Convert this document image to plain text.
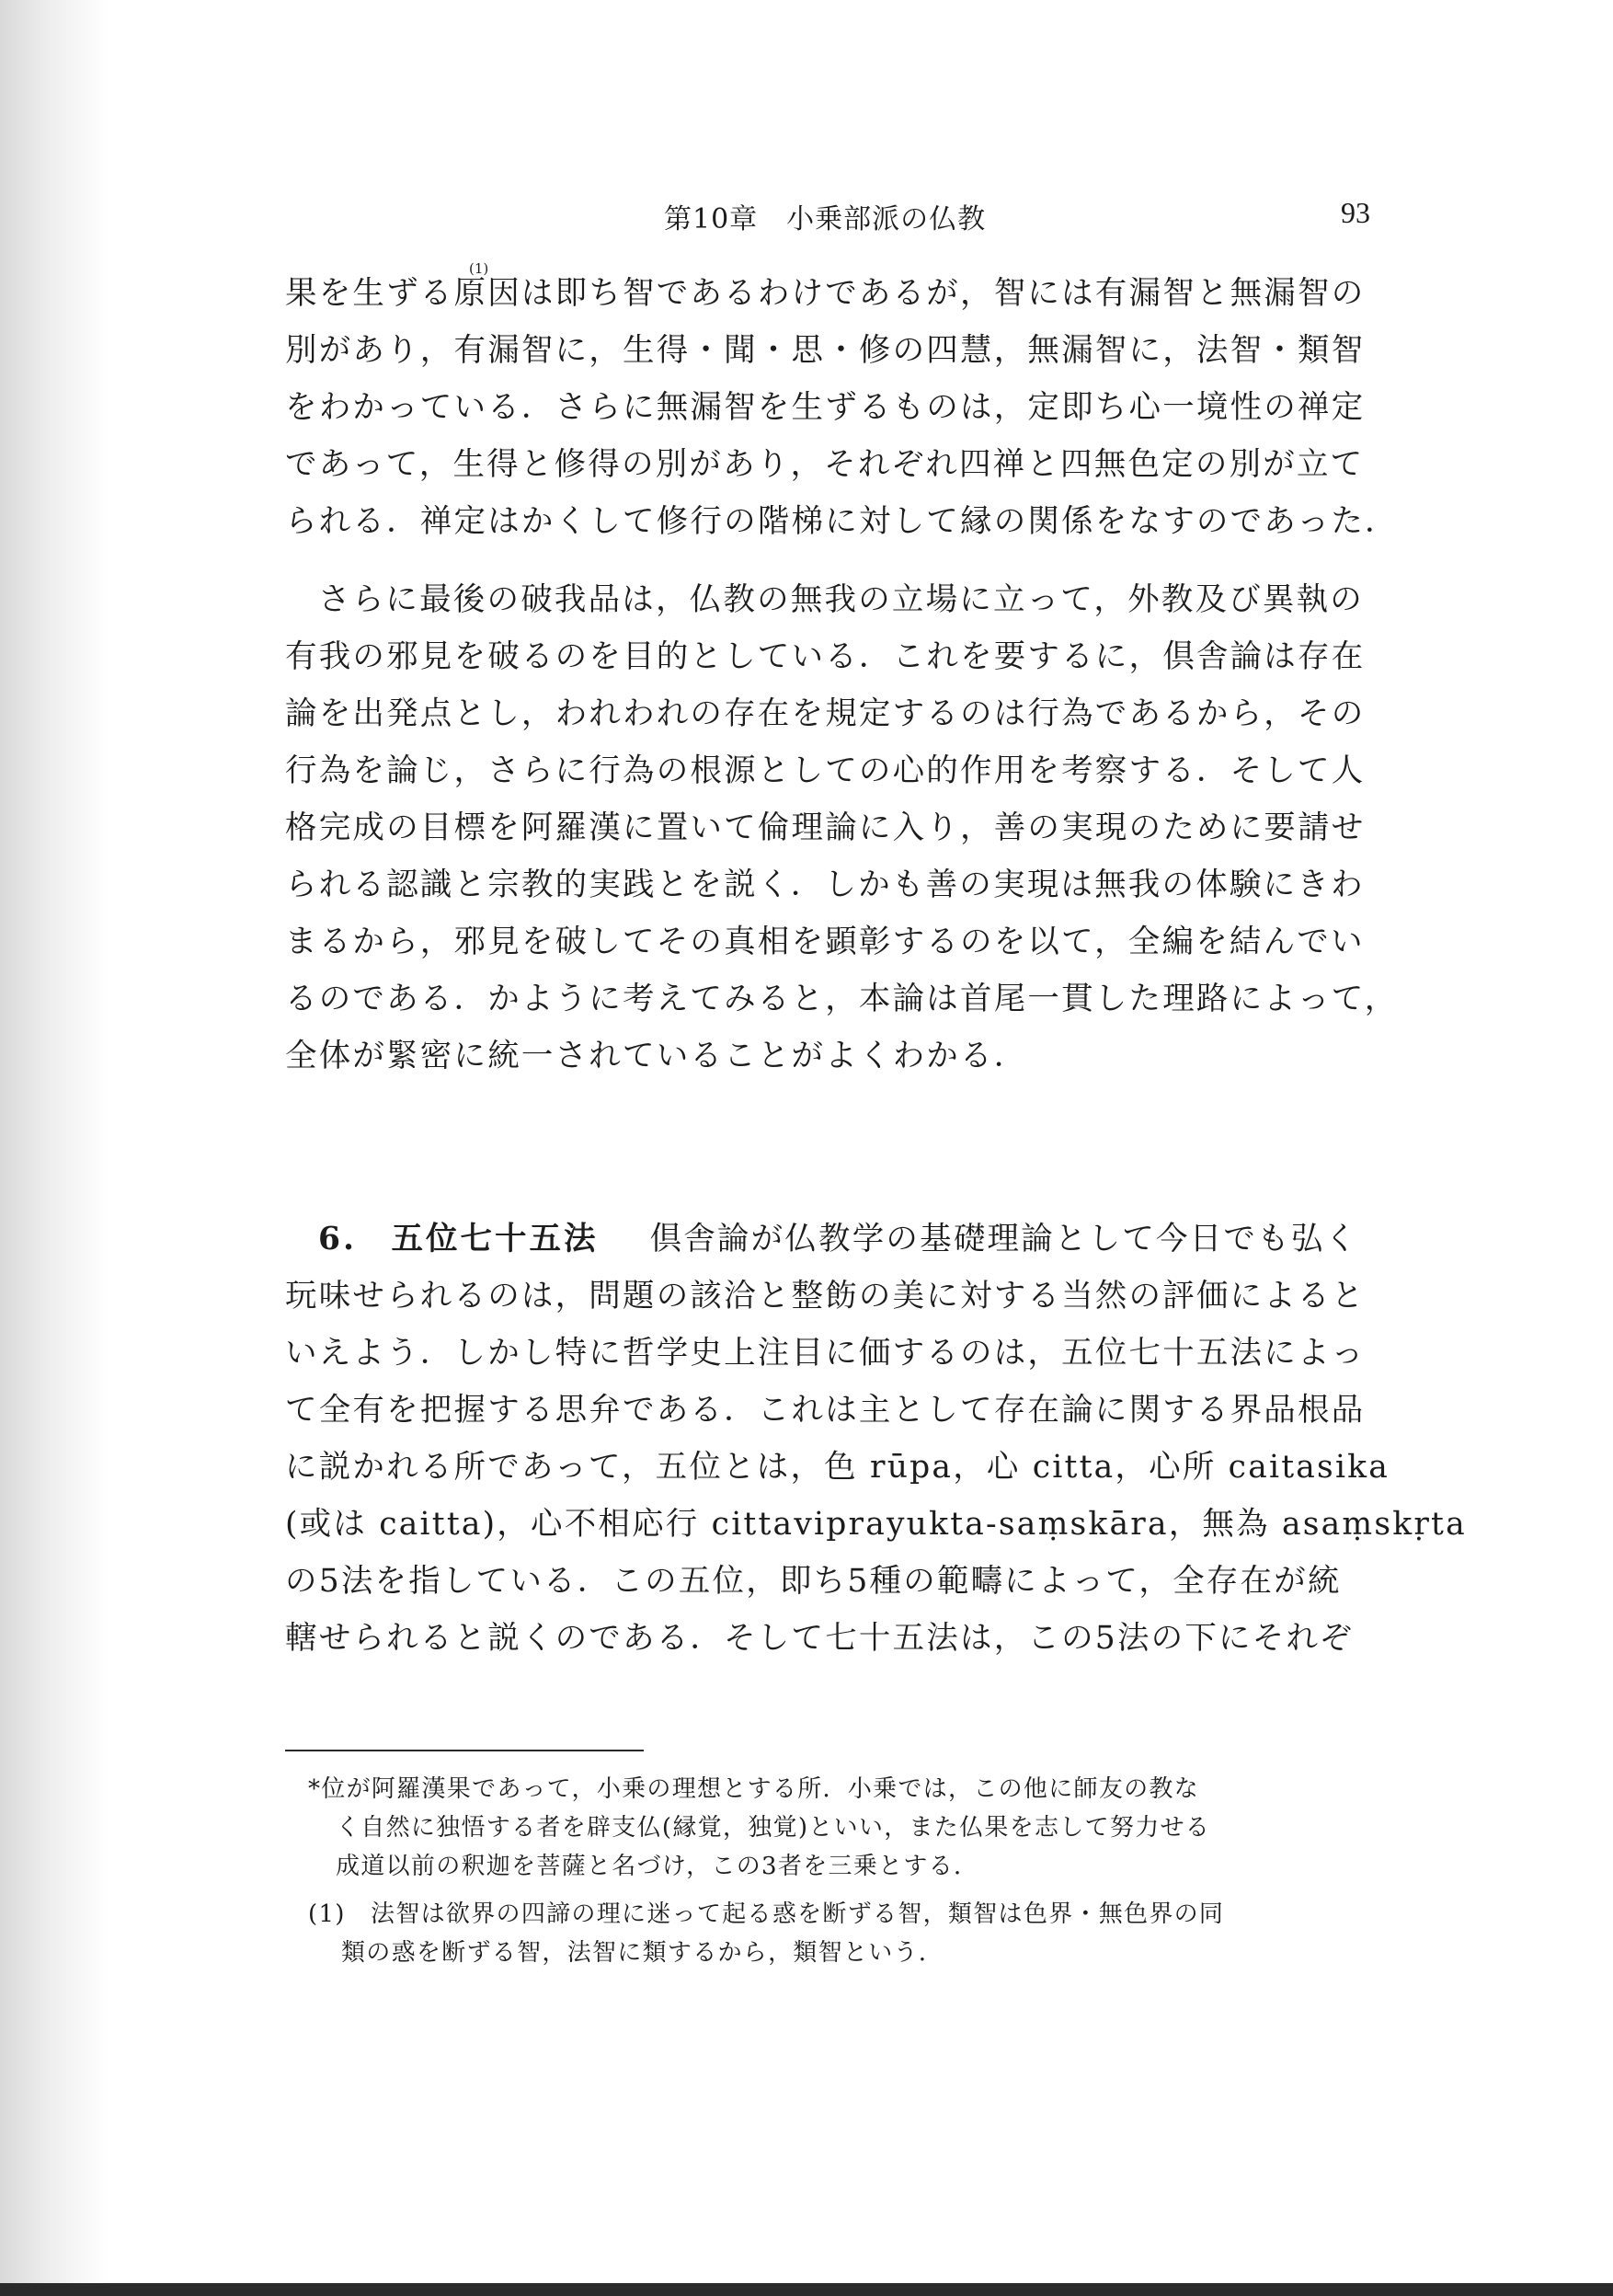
第10章　小乗部派の仏教	93
果を生ずる原因は即ち智であるわけであるが，智には有漏智と無漏智の
別があり，有漏智に，生得・聞・思・修の四慧，無漏智に，法智・類智
をわかっている．さらに無漏智を生ずるものは，定即ち心一境性の禅定
であって，生得と修得の別があり，それぞれ四禅と四無色定の別が立て
られる．禅定はかくして修行の階梯に対して縁の関係をなすのであった．
(1)
さらに最後の破我品は，仏教の無我の立場に立って，外教及び異執の
有我の邪見を破るのを目的としている．これを要するに，倶舎論は存在
論を出発点とし，われわれの存在を規定するのは行為であるから，その
行為を論じ，さらに行為の根源としての心的作用を考察する．そして人
格完成の目標を阿羅漢に置いて倫理論に入り，善の実現のために要請せ
られる認識と宗教的実践とを説く．しかも善の実現は無我の体験にきわ
まるから，邪見を破してその真相を顕彰するのを以て，全編を結んでい
るのである．かように考えてみると，本論は首尾一貫した理路によって，
全体が緊密に統一されていることがよくわかる．
6.　五位七十五法 倶舎論が仏教学の基礎理論として今日でも弘く
玩味せられるのは，問題の該洽と整飭の美に対する当然の評価によると
いえよう．しかし特に哲学史上注目に価するのは，五位七十五法によっ
て全有を把握する思弁である．これは主として存在論に関する界品根品
に説かれる所であって，五位とは，色 rūpa，心 citta，心所 caitasika
(或は caitta)，心不相応行 cittaviprayukta-saṃskāra，無為 asaṃskṛta
の5法を指している．この五位，即ち5種の範疇によって，全存在が統
轄せられると説くのである．そして七十五法は，この5法の下にそれぞ
*位が阿羅漢果であって，小乗の理想とする所．小乗では，この他に師友の教な
く自然に独悟する者を辟支仏(縁覚，独覚)といい，また仏果を志して努力せる
成道以前の釈迦を菩薩と名づけ，この3者を三乗とする．
(1)　法智は欲界の四諦の理に迷って起る惑を断ずる智，類智は色界・無色界の同
類の惑を断ずる智，法智に類するから，類智という．
